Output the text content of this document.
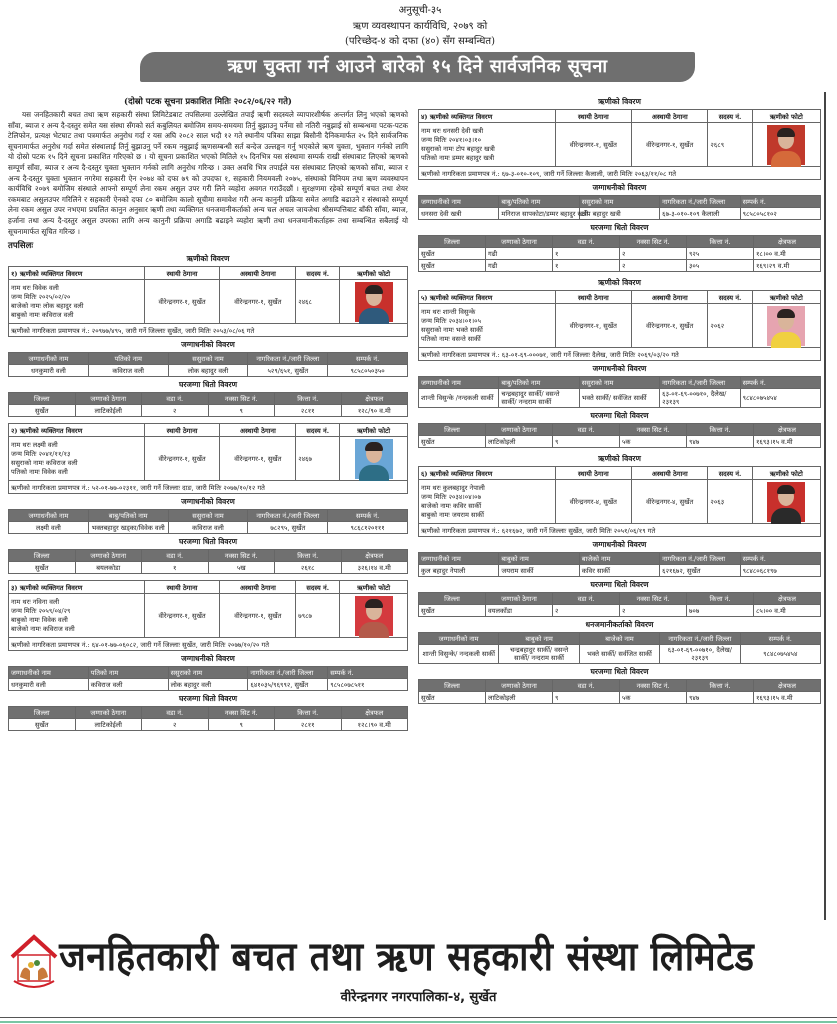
अनुसूची-३५
ऋण व्यवस्थापन कार्यविधि, २०७९ को
(परिच्छेद-४ को दफा (४०) सँग सम्बन्धित)
ऋण चुक्ता गर्न आउने बारेको १५ दिने सार्वजनिक सूचना
(दोस्रो पटक सूचना प्रकाशित मितिः २०८२/०६/२२ गते)

यस जनहितकारी बचत तथा ऋण सहकारी संस्था लिमिटेडबाट तपसिलमा उल्लेखित तपाईं ऋणी सदस्यले व्यापारशीर्षक अन्तर्गत लिनु भएको ऋणको साँवा, ब्याज र अन्य दै-दस्तुर समेत यस संस्था सँगको सर्त कबुलियत बमोजिम समय-समयमा तिर्नु बुझाउनु पर्नेमा सो नतिरी नबुझाई सो सम्बन्धमा पटक-पटक टेलिफोन, प्रत्यक्ष भेटघाट तथा पत्रमार्फत अनुरोध गर्दा र यस अघि २०८२ साल भदौ १२ गते स्थानीय पत्रिका साझा बिसौनी दैनिकमार्फत २५ दिने सार्वजनिक सूचनामार्फत अनुरोध गर्दा समेत संस्थालाई तिर्नु बुझाउनु पर्ने रकम नबुझाई ऋणसम्बन्धी सर्त बन्देज उल्लङ्घन गर्नु भएकोले ऋण चुक्ता, भुक्तान गर्नको लागि यो दोस्रो पटक १५ दिने सूचना प्रकाशित गरिएको छ । यो सूचना प्रकाशित भएको मितिले १५ दिनभित्र यस संस्थामा सम्पर्क राखी संस्थाबाट लिएको ऋणको सम्पूर्ण साँवा, ब्याज र अन्य दै-दस्तुर चुक्ता भुक्तान गर्नको लागि अनुरोध गरिन्छ । उक्त अवधि भित्र तपाईले यस संस्थाबाट लिएको ऋणको साँवा, ब्याज र अन्य दै-दस्तुर चुक्ता भुक्तान नगरेमा सहकारी ऐन २०७४ को दफा ७९ को उपदफा १, सहकारी नियमवली २०७५, संस्थाको विनियम तथा ऋण व्यवस्थापन कार्यविधि २०७९ बमोजिम संस्थाले आफ्नो सम्पूर्ण लेना रकम असुल उपर गरी लिने व्यहोरा अवगत गराउँदछौं । सुरक्षणमा रहेको सम्पूर्ण बचत तथा शेयर रकमबाट असुलउपर गरिलिने र सहकारी ऐनको दफा ८० बमोजिम कालो सूचीमा समावेश गरी अन्य कानुनी प्रक्रिया समेत अगाडि बढाउने र संस्थाको सम्पूर्ण लेना रकम असुल उपर नभएमा प्रचलित कानुन अनुसार ऋणी तथा व्यक्तिगत धनजमानीकर्ताको अन्य चल अचल जायजेथा श्रीसम्पत्तिबाट बाँकी साँवा, ब्याज, हर्जाना तथा अन्य दै-दस्तुर असुल उपरका लागि अन्य कानुनी प्रक्रिया अगाडि बढाइने व्यहोरा ऋणी तथा धनजमानीकर्ताहरू तथा सम्बन्धित सबैलाई यो सूचनामार्फत सूचित गरिन्छ ।

तपसिलः
ऋणीको विवरण
१) ऋणीको व्यक्तिगत विवरण	स्थायी ठेगाना	अस्थायी ठेगाना	सदस्य नं.	ऋणीको फोटो

नाम थरः विवेक वली
जन्म मितिः २०२५/०२/२०
बाजेको नामः लोक बहादुर वली
बाबुको नामः कविराज वली	वीरेन्द्रनगर-१, सुर्खेत	वीरेन्द्रनगर-१, सुर्खेत	२४६८	

ऋणीको नागरिकता प्रमाणपत्र नं.: २०९७७/४९५, जारी गर्ने जिल्लाः सुर्खेत, जारी मितिः २०५३/०८/०६ गते				
जग्गाधनीको विवरण
जग्गाधनीको नाम	पतिको नाम	ससुराको नाम	नागरिकता नं./जारी जिल्ला	सम्पर्क नं.
धनकुमारी वली	कविराज वली	लोक बहादुर वली	५२९/६५१, सुर्खेत	९८५८०५०३५०
घरजग्गा धितो विवरण
जिल्ला	जग्गाको ठेगाना	वडा नं.	नक्सा सिट नं.	कित्ता नं.	क्षेत्रफल
सुर्खेत	लाटिकोईली	२	९	२८११	१२८/९० व.मी
२) ऋणीको व्यक्तिगत विवरण	स्थायी ठेगाना	अस्थायी ठेगाना	सदस्य नं.	ऋणीको फोटो

नाम थरः लक्ष्मी वली
जन्म मितिः २०४१/११/१३
ससुराको नामः कविराज वली
पतिको नामः विवेक वली	वीरेन्द्रनगर-१, सुर्खेत	वीरेन्द्रनगर-१, सुर्खेत	२४६७	

ऋणीको नागरिकता प्रमाणपत्र नं.: ५२-०१-७७-०२३११, जारी गर्ने जिल्लाः दाङ, जारी मितिः २०७७/१०/१२ गते				
जग्गाधनीको विवरण
जग्गाधनीको नाम	बाबु/पतिको नाम	ससुराको नाम	नागरिकता नं./जारी जिल्ला	सम्पर्क नं.
लक्ष्मी वली	भक्तबहादुर खड्का/विवेक वली	कविराज वली	७८२९५, सुर्खेत	९८६८१२०१११
घरजग्गा धितो विवरण
जिल्ला	जग्गाको ठेगाना	वडा नं.	नक्सा सिट नं.	कित्ता नं.	क्षेत्रफल
सुर्खेत	बयलकोडा	१	५ख	२६१८	३२६।१४ व.मी
३) ऋणीको व्यक्तिगत विवरण	स्थायी ठेगाना	अस्थायी ठेगाना	सदस्य नं.	ऋणीको फोटो

नाम थरः नविना वली
जन्म मितिः २०५९/०४/२९
बाबुको नामः विवेक वली
बाजेको नामः कविराज वली	वीरेन्द्रनगर-१, सुर्खेत	वीरेन्द्रनगर-१, सुर्खेत	७९८७	

ऋणीको नागरिकता प्रमाणपत्र नं.: ६४-०१-७७-०६०८२, जारी गर्ने जिल्लाः सुर्खेत, जारी मितिः २०७७/१०/२० गते				
जग्गाधनीको विवरण
जग्गाधनीको नाम	पतिको नाम	ससुराको नाम	नागरिकता नं./जारी जिल्ला	सम्पर्क नं.
धनकुमारी वली	कविराज वली	लोक बहादुर वली	६४१०३५/९६९९२, सुर्खेत	९८५८०७८५११
घरजग्गा धितो विवरण
जिल्ला	जग्गाको ठेगाना	वडा नं.	नक्सा सिट नं.	कित्ता नं.	क्षेत्रफल
सुर्खेत	लाटिकोईली	२	९	२८११	१२८।९० व.मी
ऋणीको विवरण
४) ऋणीको व्यक्तिगत विवरण	स्थायी ठेगाना	अस्थायी ठेगाना	सदस्य नं.	ऋणीको फोटो

नाम थरः धनसरी देवी खत्री
जन्म मितिः २०४१।०३।१०
ससुराको नामः टोप बहादुर खत्री
पतिको नामः डम्मर बहादुर खत्री	वीरेन्द्रनगर-१, सुर्खेत	वीरेन्द्रनगर-१, सुर्खेत	२६८९	

ऋणीको नागरिकता प्रमाणपत्र नं.: ६७-३-०१०-१०९, जारी गर्ने जिल्लाः कैलाली, जारी मितिः २०६३/११/०८ गते				
जग्गाधनीको विवरण
जग्गाधनीको नाम	बाबु/पतिको नाम	ससुराको नाम	नागरिकता नं./जारी जिल्ला	सम्पर्क नं.
धनसरा देवी खत्री	मनिराज सापकोटा/डम्मर बहादुर खत्री	टोप बहादुर खत्री	६७-३-०१०-१०९ कैलाली	९८५८०५८१०२
घरजग्गा धितो विवरण
जिल्ला	जग्गाको ठेगाना	वडा नं.	नक्सा सिट नं.	कित्ता नं.	क्षेत्रफल
सुर्खेत	गढी	१	२	९२५	१८।०० व.मी
सुर्खेत	गढी	१	२	३०५	१६९।२९ व.मी
ऋणीको विवरण
५) ऋणीको व्यक्तिगत विवरण	स्थायी ठेगाना	अस्थायी ठेगाना	सदस्य नं.	ऋणीको फोटो

नाम थरः शान्ती विसुन्के
जन्म मितिः २०३४।०१।०५
ससुराको नामः भक्ते सार्की
पतिको नामः वसन्ते सार्की	वीरेन्द्रनगर-१, सुर्खेत	वीरेन्द्रनगर-१, सुर्खेत	२०६२	

ऋणीको नागरिकता प्रमाणपत्र नं.: ६३-०१-६९-०००७१, जारी गर्ने जिल्लाः दैलेख, जारी मितिः २०६९/०३/२० गते				
जग्गाधनीको विवरण
जग्गाधनीको नाम	बाबु/पतिको नाम	ससुराको नाम	नागरिकता नं./जारी जिल्ला	सम्पर्क नं.
शान्ती विसुन्के /नन्दकली सार्की	चन्द्रबहादुर सार्की/ वसन्ते सार्की/ नन्दराम सार्की	भक्ते सार्की/ सर्वजित सार्की	६३-०१-६९-००७१०, दैलेख/२३१३९	९८४८०७५४५४
घरजग्गा धितो विवरण
जिल्ला	जग्गाको ठेगाना	वडा नं.	नक्सा सिट नं.	कित्ता नं.	क्षेत्रफल
सुर्खेत	लाटिकोइली	९	५क	९४७	१६९३।१५ व.मी
ऋणीको विवरण
६) ऋणीको व्यक्तिगत विवरण	स्थायी ठेगाना	अस्थायी ठेगाना	सदस्य नं.	ऋणीको फोटो

नाम थरः कुलबहादुर नेपाली
जन्म मितिः २०३४।०४।०७
बाजेको नामः कविर सार्की
बाबुको नामः जयराम सार्की	वीरेन्द्रनगर-४, सुर्खेत	वीरेन्द्रनगर-४, सुर्खेत	२०६३	

ऋणीको नागरिकता प्रमाणपत्र नं.: ६२१६७२, जारी गर्ने जिल्लाः सुर्खेत, जारी मितिः २०५१/०६/१९ गते				
जग्गाधनीको विवरण
जग्गाधनीको नाम	बाबुको नाम	बाजेको नाम	नागरिकता नं./जारी जिल्ला	सम्पर्क नं.
कुल बहादुर नेपाली	जयराम सार्की	कविर सार्की	६२१६७२, सुर्खेत	९८४८०६८१९७
घरजग्गा धितो विवरण
जिल्ला	जग्गाको ठेगाना	वडा नं.	नक्सा सिट नं.	कित्ता नं.	क्षेत्रफल
सुर्खेत	वयलकाँडा	२	२	७०७	८५।०० व.मी
धनजमानीकर्ताको विवरण
जग्गाधनीको नाम	बाबुको नाम	बाजेको नाम	नागरिकता नं./जारी जिल्ला	सम्पर्क नं.
शान्ती विसुन्के/ नन्दकली सार्की	चन्द्रबहादुर सार्की/ वसन्ते सार्की/ नन्दराम सार्की	भक्ते सार्की/ सर्वजित सार्की	६३-०१-६९-००७१०, दैलेख/२३१३९	९८४८०७५४५४
घरजग्गा धितो विवरण
जिल्ला	जग्गाको ठेगाना	वडा नं.	नक्सा सिट नं.	कित्ता नं.	क्षेत्रफल
सुर्खेत	लाटिकोइली	९	५क	९४७	१६९३।१५ व.मी
जनहितकारी बचत तथा ऋण सहकारी संस्था लिमिटेड
वीरेन्द्रनगर नगरपालिका-४, सुर्खेत
